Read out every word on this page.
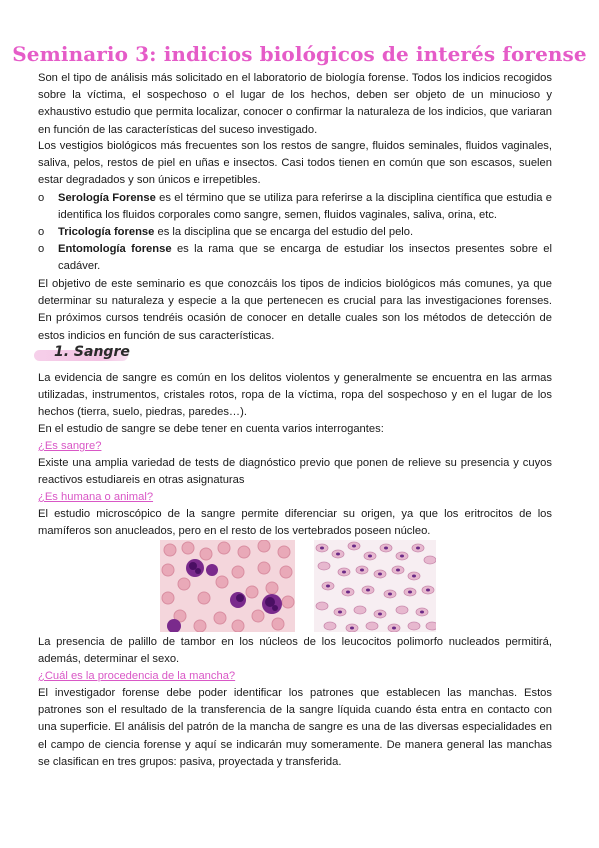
Seminario 3: indicios biológicos de interés forense

Son el tipo de análisis más solicitado en el laboratorio de biología forense. Todos los indicios recogidos sobre la víctima, el sospechoso o el lugar de los hechos, deben ser objeto de un minucioso y exhaustivo estudio que permita localizar, conocer o confirmar la naturaleza de los indicios, que variaran en función de las características del suceso investigado.

Los vestigios biológicos más frecuentes son los restos de sangre, fluidos seminales, fluidos vaginales, saliva, pelos, restos de piel en uñas e insectos. Casi todos tienen en común que son escasos, suelen estar degradados y son únicos e irrepetibles.

o Serología Forense es el término que se utiliza para referirse a la disciplina científica que estudia e identifica los fluidos corporales como sangre, semen, fluidos vaginales, saliva, orina, etc.
o Tricología forense es la disciplina que se encarga del estudio del pelo.
o Entomología forense es la rama que se encarga de estudiar los insectos presentes sobre el cadáver.

El objetivo de este seminario es que conozcáis los tipos de indicios biológicos más comunes, ya que determinar su naturaleza y especie a la que pertenecen es crucial para las investigaciones forenses. En próximos cursos tendréis ocasión de conocer en detalle cuales son los métodos de detección de estos indicios en función de sus características.

1. Sangre

La evidencia de sangre es común en los delitos violentos y generalmente se encuentra en las armas utilizadas, instrumentos, cristales rotos, ropa de la víctima, ropa del sospechoso y en el lugar de los hechos (tierra, suelo, piedras, paredes…).

En el estudio de sangre se debe tener en cuenta varios interrogantes:

¿Es sangre?

Existe una amplia variedad de tests de diagnóstico previo que ponen de relieve su presencia y cuyos reactivos estudiareis en otras asignaturas

¿Es humana o animal?

El estudio microscópico de la sangre permite diferenciar su origen, ya que los eritrocitos de los mamíferos son anucleados, pero en el resto de los vertebrados poseen núcleo.

La presencia de palillo de tambor en los núcleos de los leucocitos polimorfo nucleados permitirá, además, determinar el sexo.

¿Cuál es la procedencia de la mancha?

El investigador forense debe poder identificar los patrones que establecen las manchas. Estos patrones son el resultado de la transferencia de la sangre líquida cuando ésta entra en contacto con una superficie. El análisis del patrón de la mancha de sangre es una de las diversas especialidades en el campo de ciencia forense y aquí se indicarán muy someramente. De manera general las manchas se clasifican en tres grupos: pasiva, proyectada y transferida.
